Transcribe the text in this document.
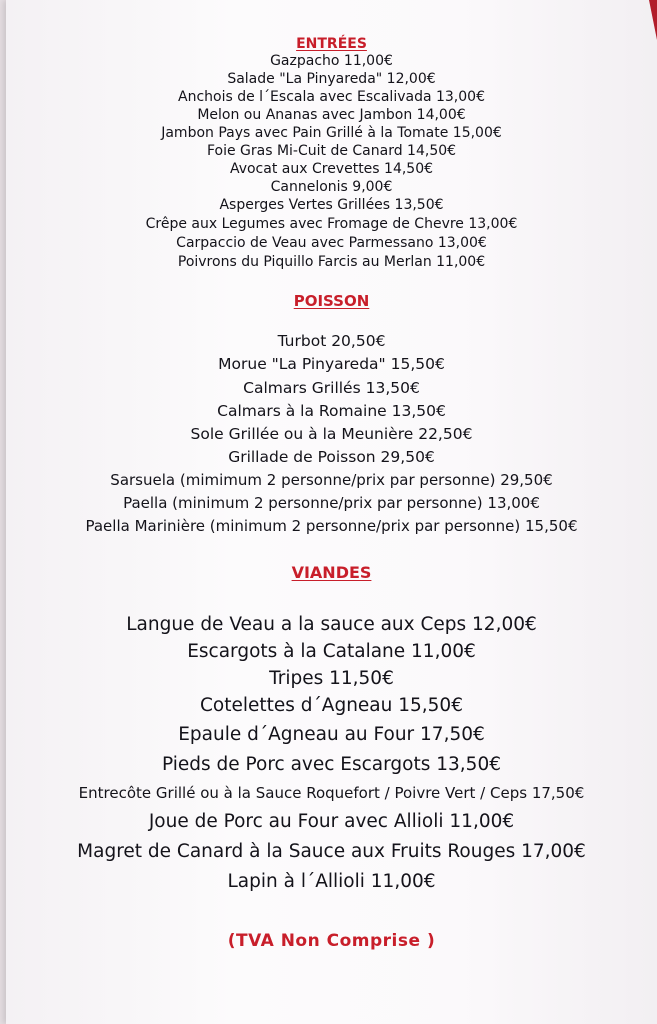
ENTRÉES
Gazpacho 11,00€
Salade "La Pinyareda" 12,00€
Anchois de l´Escala avec Escalivada 13,00€
Melon ou Ananas avec Jambon 14,00€
Jambon Pays avec Pain Grillé à la Tomate 15,00€
Foie Gras Mi-Cuit de Canard 14,50€
Avocat aux Crevettes 14,50€
Cannelonis 9,00€
Asperges Vertes Grillées 13,50€
Crêpe aux Legumes avec Fromage de Chevre 13,00€
Carpaccio de Veau avec Parmessano 13,00€
Poivrons du Piquillo Farcis au Merlan 11,00€
POISSON
Turbot 20,50€
Morue "La Pinyareda" 15,50€
Calmars Grillés 13,50€
Calmars à la Romaine 13,50€
Sole Grillée ou à la Meunière 22,50€
Grillade de Poisson 29,50€
Sarsuela (mimimum 2 personne/prix par personne) 29,50€
Paella (minimum 2 personne/prix par personne) 13,00€
Paella Marinière (minimum 2 personne/prix par personne) 15,50€
VIANDES
Langue de Veau a la sauce aux Ceps 12,00€
Escargots à la Catalane 11,00€
Tripes 11,50€
Cotelettes d´Agneau 15,50€
Epaule d´Agneau au Four 17,50€
Pieds de Porc avec Escargots 13,50€
Entrecôte Grillé ou à la Sauce Roquefort / Poivre Vert / Ceps 17,50€
Joue de Porc au Four avec Allioli 11,00€
Magret de Canard à la Sauce aux Fruits Rouges 17,00€
Lapin à l´Allioli 11,00€
(TVA Non Comprise )
